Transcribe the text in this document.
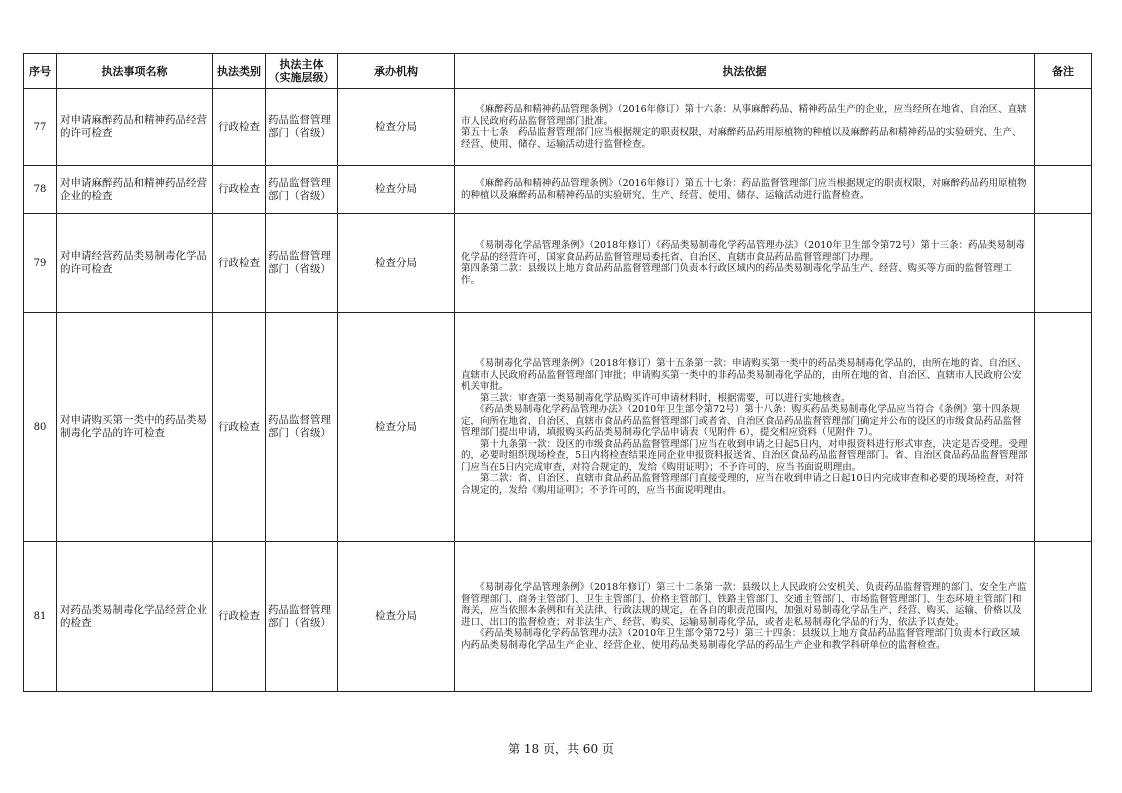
序号	执法事项名称	执法类别	执法主体
（实施层级）	承办机构	执法依据	备注
77	对申请麻醉药品和精神药品经营的许可检查	行政检查	药品监督管理部门（省级）	检查分局	　　《麻醉药品和精神药品管理条例》（2016年修订）第十六条：从事麻醉药品、精神药品生产的企业，应当经所在地省、自治区、直辖市人民政府药品监督管理部门批准。
第五十七条　药品监督管理部门应当根据规定的职责权限，对麻醉药品药用原植物的种植以及麻醉药品和精神药品的实验研究、生产、经营、使用、储存、运输活动进行监督检查。	

78	对申请麻醉药品和精神药品经营企业的检查	行政检查	药品监督管理部门（省级）	检查分局	　　《麻醉药品和精神药品管理条例》（2016年修订）第五十七条：药品监督管理部门应当根据规定的职责权限，对麻醉药品药用原植物的种植以及麻醉药品和精神药品的实验研究、生产、经营、使用、储存、运输活动进行监督检查。	

79	对申请经营药品类易制毒化学品的许可检查	行政检查	药品监督管理部门（省级）	检查分局	　　《易制毒化学品管理条例》（2018年修订）《药品类易制毒化学药品管理办法》（2010年卫生部令第72号）第十三条：药品类易制毒化学品的经营许可，国家食品药品监督管理局委托省、自治区、直辖市食品药品监督管理部门办理。
第四条第二款：县级以上地方食品药品监督管理部门负责本行政区域内的药品类易制毒化学品生产、经营、购买等方面的监督管理工作。	

80	对申请购买第一类中的药品类易制毒化学品的许可检查	行政检查	药品监督管理部门（省级）	检查分局	　　《易制毒化学品管理条例》（2018年修订）第十五条第一款：申请购买第一类中的药品类易制毒化学品的，由所在地的省、自治区、直辖市人民政府药品监督管理部门审批；申请购买第一类中的非药品类易制毒化学品的，由所在地的省、自治区、直辖市人民政府公安机关审批。
　　第三款：审查第一类易制毒化学品购买许可申请材料时，根据需要，可以进行实地核查。
　　《药品类易制毒化学药品管理办法》（2010年卫生部令第72号）第十八条：购买药品类易制毒化学品应当符合《条例》第十四条规定，向所在地省、自治区、直辖市食品药品监督管理部门或者省、自治区食品药品监督管理部门确定并公布的设区的市级食品药品监督管理部门提出申请，填报购买药品类易制毒化学品申请表（见附件 6），提交相应资料（见附件 7）。
　　第十九条第一款：设区的市级食品药品监督管理部门应当在收到申请之日起5日内，对申报资料进行形式审查，决定是否受理。受理的，必要时组织现场检查，5日内将检查结果连同企业申报资料报送省、自治区食品药品监督管理部门。省、自治区食品药品监督管理部门应当在5日内完成审查，对符合规定的，发给《购用证明》；不予许可的，应当书面说明理由。
　　第二款：省、自治区、直辖市食品药品监督管理部门直接受理的，应当在收到申请之日起10日内完成审查和必要的现场检查，对符合规定的，发给《购用证明》；不予许可的，应当书面说明理由。	

81	对药品类易制毒化学品经营企业的检查	行政检查	药品监督管理部门（省级）	检查分局	　　《易制毒化学品管理条例》（2018年修订）第三十二条第一款：县级以上人民政府公安机关、负责药品监督管理的部门、安全生产监督管理部门、商务主管部门、卫生主管部门、价格主管部门、铁路主管部门、交通主管部门、市场监督管理部门、生态环境主管部门和海关，应当依照本条例和有关法律、行政法规的规定，在各自的职责范围内，加强对易制毒化学品生产、经营、购买、运输、价格以及进口、出口的监督检查；对非法生产、经营、购买、运输易制毒化学品，或者走私易制毒化学品的行为，依法予以查处。
　　《药品类易制毒化学药品管理办法》（2010年卫生部令第72号）第三十四条：县级以上地方食品药品监督管理部门负责本行政区域内药品类易制毒化学品生产企业、经营企业、使用药品类易制毒化学品的药品生产企业和教学科研单位的监督检查。	

第 18 页，共 60 页
